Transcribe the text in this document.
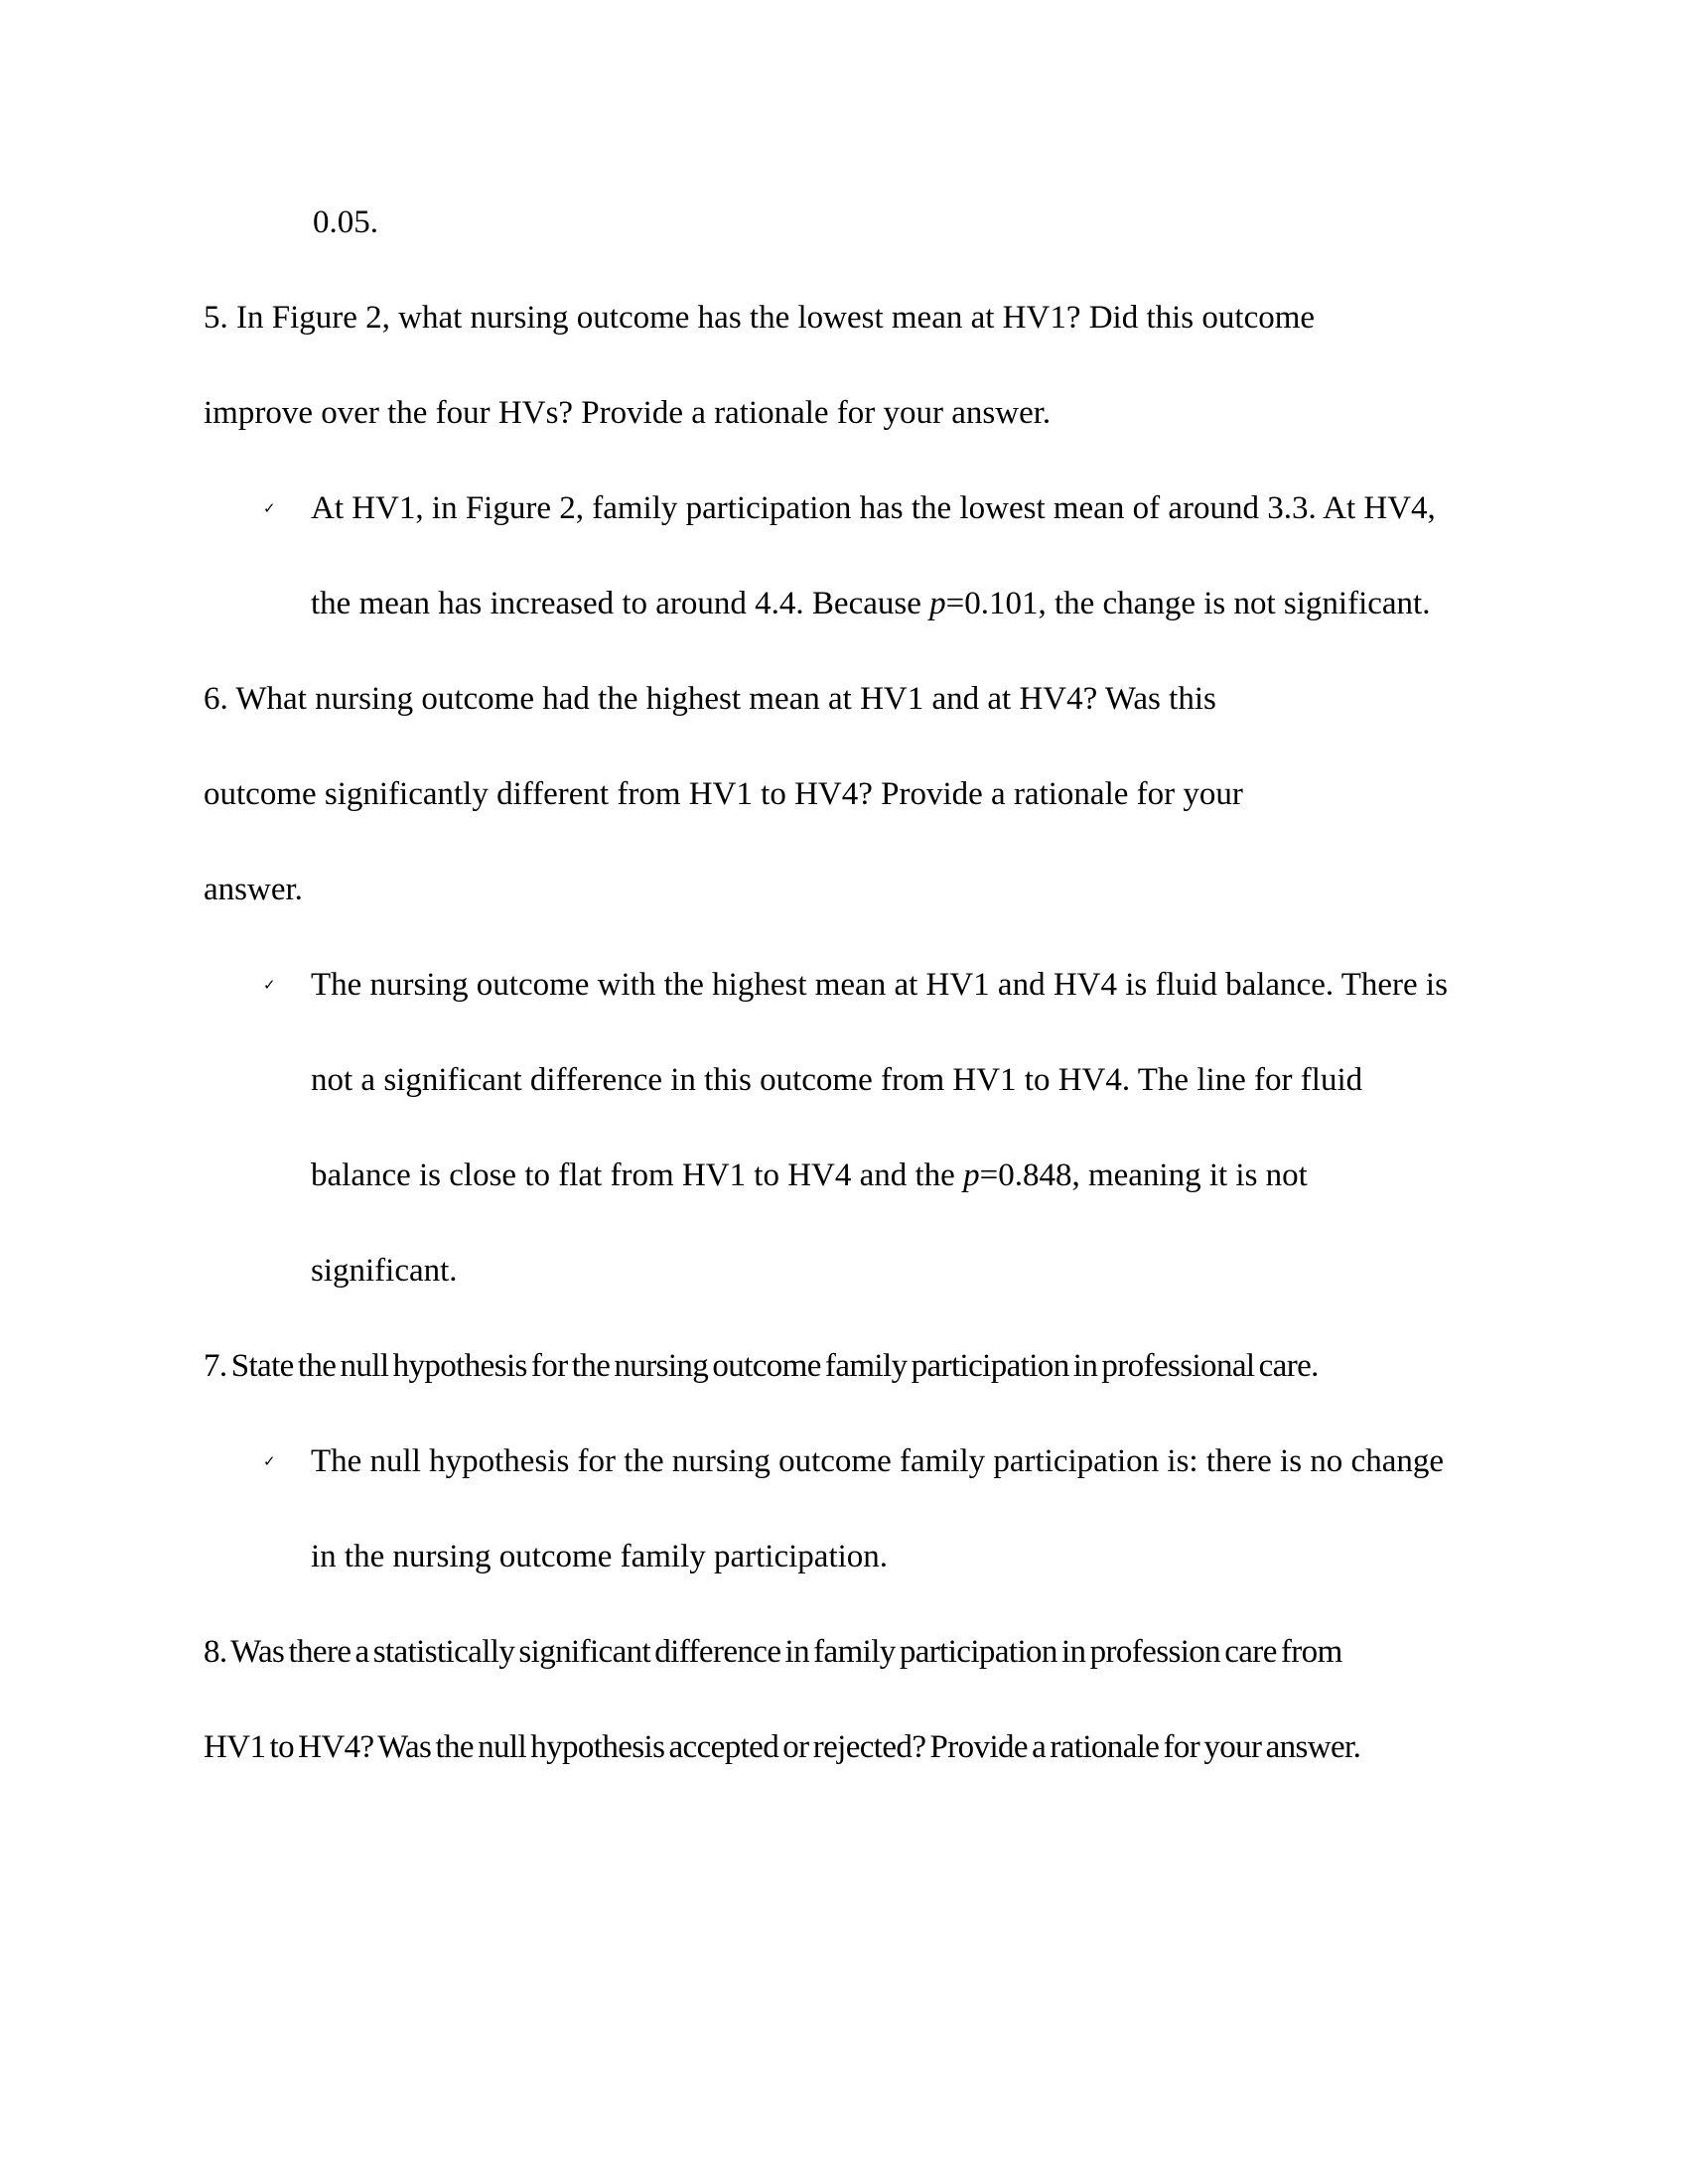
0.05.
5. In Figure 2, what nursing outcome has the lowest mean at HV1? Did this outcome
improve over the four HVs? Provide a rationale for your answer.
✓ At HV1, in Figure 2, family participation has the lowest mean of around 3.3. At HV4,
the mean has increased to around 4.4. Because p=0.101, the change is not significant.
6. What nursing outcome had the highest mean at HV1 and at HV4? Was this
outcome significantly different from HV1 to HV4? Provide a rationale for your
answer.
✓ The nursing outcome with the highest mean at HV1 and HV4 is fluid balance. There is
not a significant difference in this outcome from HV1 to HV4. The line for fluid
balance is close to flat from HV1 to HV4 and the p=0.848, meaning it is not
significant.
7. State the null hypothesis for the nursing outcome family participation in professional care.
✓ The null hypothesis for the nursing outcome family participation is: there is no change
in the nursing outcome family participation.
8. Was there a statistically significant difference in family participation in profession care from
HV1 to HV4? Was the null hypothesis accepted or rejected? Provide a rationale for your answer.
